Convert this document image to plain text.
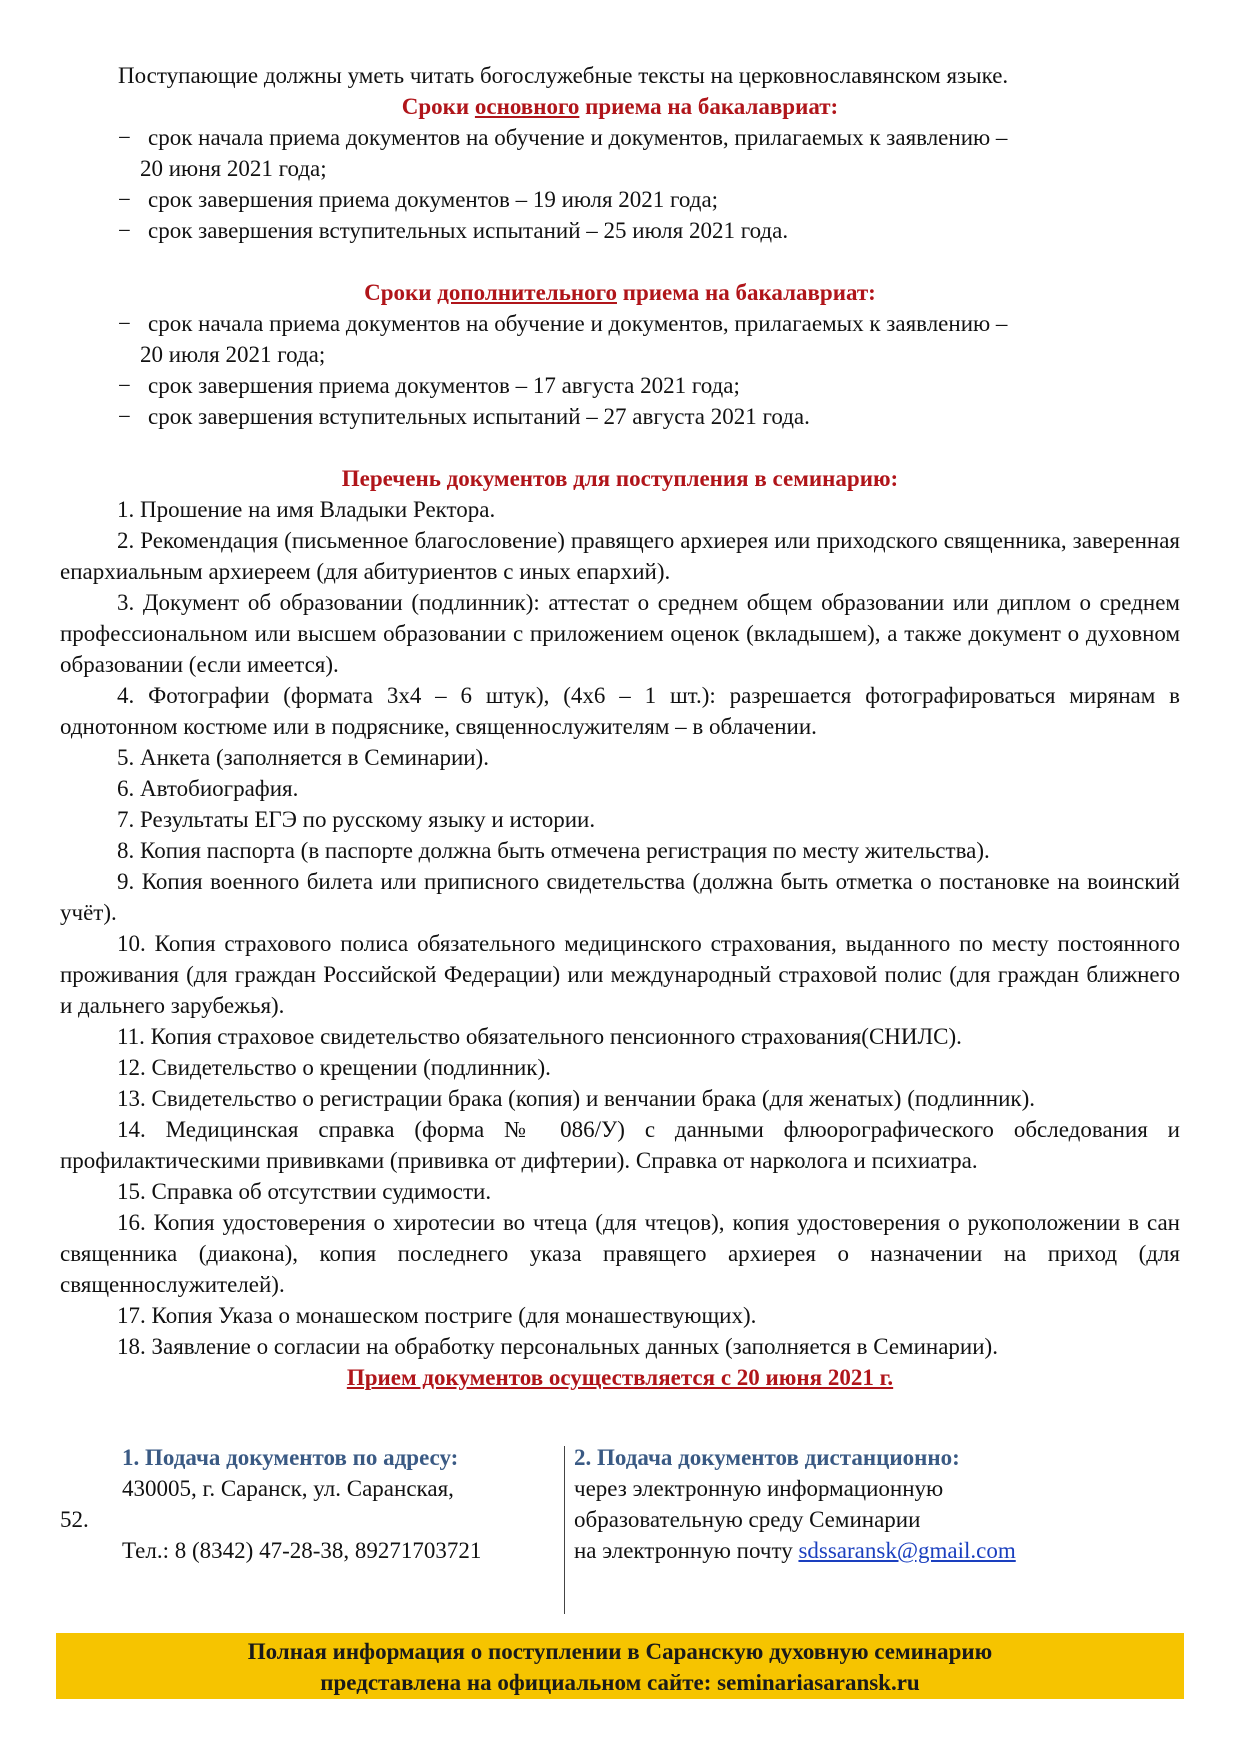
Поступающие должны уметь читать богослужебные тексты на церковнославянском языке.

Сроки основного приема на бакалавриат:

− срок начала приема документов на обучение и документов, прилагаемых к заявлению –
20 июня 2021 года;

− срок завершения приема документов – 19 июля 2021 года;

− срок завершения вступительных испытаний – 25 июля 2021 года.

Сроки дополнительного приема на бакалавриат:

− срок начала приема документов на обучение и документов, прилагаемых к заявлению –
20 июля 2021 года;

− срок завершения приема документов – 17 августа 2021 года;

− срок завершения вступительных испытаний – 27 августа 2021 года.

Перечень документов для поступления в семинарию:

1. Прошение на имя Владыки Ректора.

2. Рекомендация (письменное благословение) правящего архиерея или приходского священника, заверенная епархиальным архиереем (для абитуриентов с иных епархий).

3. Документ об образовании (подлинник): аттестат о среднем общем образовании или диплом о среднем профессиональном или высшем образовании с приложением оценок (вкладышем), а также документ о духовном образовании (если имеется).

4. Фотографии (формата 3х4 – 6 штук), (4х6 – 1 шт.): разрешается фотографироваться мирянам в однотонном костюме или в подряснике, священнослужителям – в облачении.

5. Анкета (заполняется в Семинарии).

6. Автобиография.

7. Результаты ЕГЭ по русскому языку и истории.

8. Копия паспорта (в паспорте должна быть отмечена регистрация по месту жительства).

9. Копия военного билета или приписного свидетельства (должна быть отметка о постановке на воинский учёт).

10. Копия страхового полиса обязательного медицинского страхования, выданного по месту постоянного проживания (для граждан Российской Федерации) или международный страховой полис (для граждан ближнего и дальнего зарубежья).

11. Копия страховое свидетельство обязательного пенсионного страхования(СНИЛС).

12. Свидетельство о крещении (подлинник).

13. Свидетельство о регистрации брака (копия) и венчании брака (для женатых) (подлинник).

14. Медицинская справка (форма № 086/У) с данными флюорографического обследования и профилактическими прививками (прививка от дифтерии). Справка от нарколога и психиатра.

15. Справка об отсутствии судимости.

16. Копия удостоверения о хиротесии во чтеца (для чтецов), копия удостоверения о рукоположении в сан священника (диакона), копия последнего указа правящего архиерея о назначении на приход (для священнослужителей).

17. Копия Указа о монашеском постриге (для монашествующих).

18. Заявление о согласии на обработку персональных данных (заполняется в Семинарии).

Прием документов осуществляется с 20 июня 2021 г.

1. Подача документов по адресу:

430005, г. Саранск, ул. Саранская,

52.

Тел.: 8 (8342) 47-28-38, 89271703721

2. Подача документов дистанционно:

через электронную информационную

образовательную среду Семинарии

на электронную почту sdssaransk@gmail.com

Полная информация о поступлении в Саранскую духовную семинарию
представлена на официальном сайте: seminariasaransk.ru
